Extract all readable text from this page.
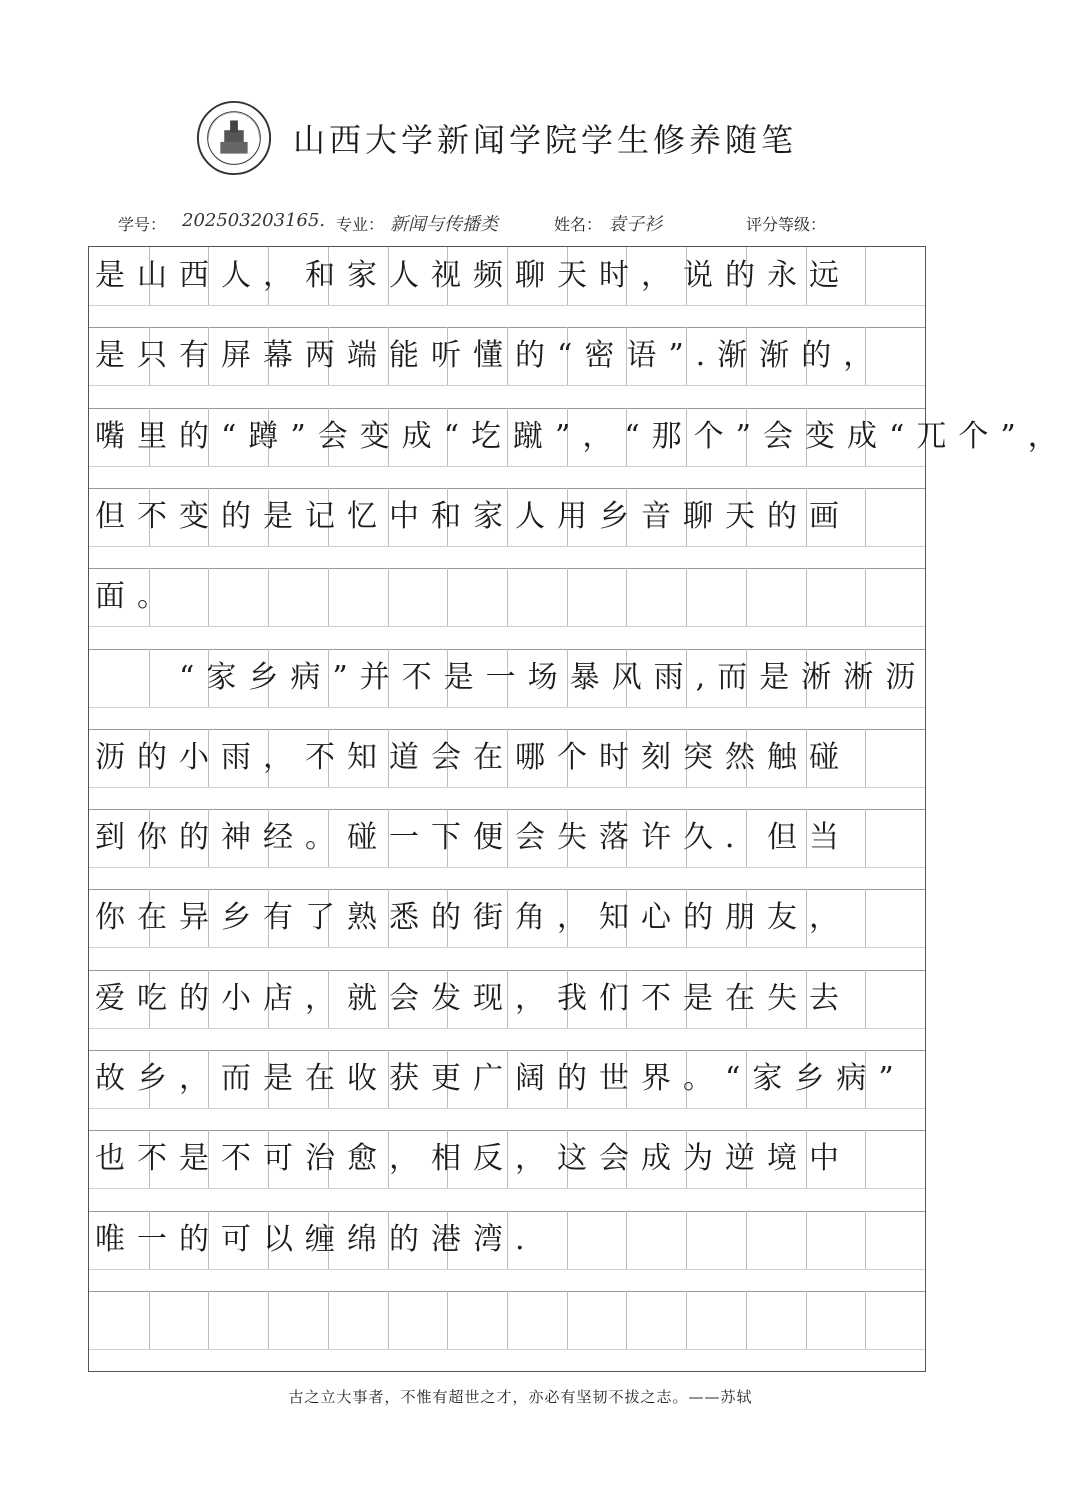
山西大学新闻学院学生修养随笔
学号： 202503203165. 专业： 新闻与传播类	姓名： 袁子衫	评分等级：
是山西人，和家人视频聊天时，说的永远
是只有屏幕两端能听懂的“密语”.渐渐的，
嘴里的“蹲”会变成“圪蹴”，“那个”会变成“兀个”，
但不变的是记忆中和家人用乡音聊天的画
面。
　　“家乡病”并不是一场暴风雨,而是淅淅沥
沥的小雨，不知道会在哪个时刻突然触碰
到你的神经。碰一下便会失落许久．但当
你在异乡有了熟悉的街角，知心的朋友，
爱吃的小店，就会发现，我们不是在失去
故乡，而是在收获更广阔的世界。“家乡病”
也不是不可治愈，相反，这会成为逆境中
唯一的可以缠绵的港湾.
古之立大事者，不惟有超世之才，亦必有坚韧不拔之志。——苏轼
